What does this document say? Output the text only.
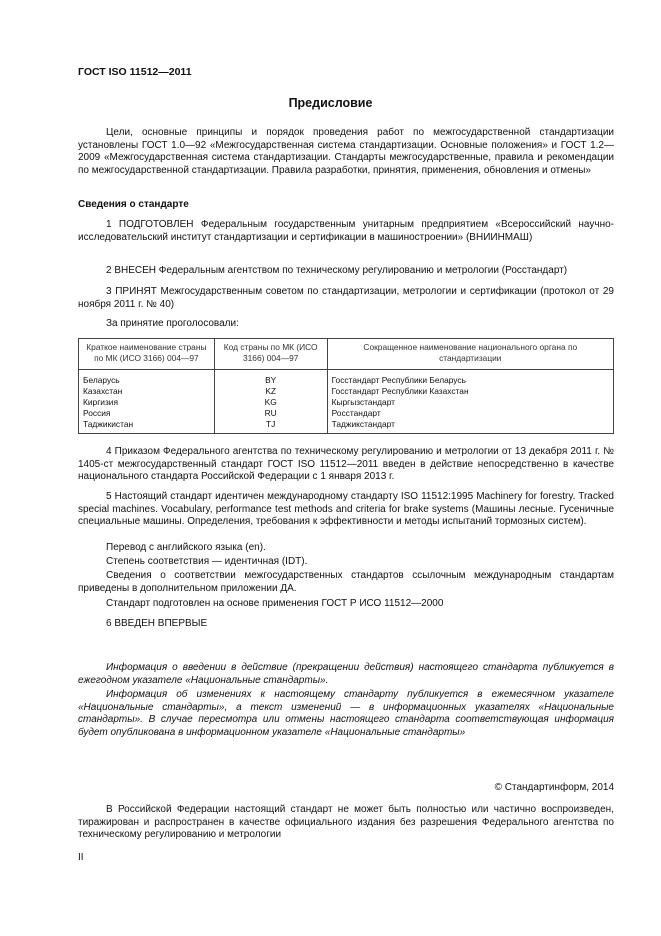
ГОСТ ISO 11512—2011
Предисловие
Цели, основные принципы и порядок проведения работ по межгосударственной стандартизации установлены ГОСТ 1.0—92 «Межгосударственная система стандартизации. Основные положения» и ГОСТ 1.2—2009 «Межгосударственная система стандартизации. Стандарты межгосударственные, правила и рекомендации по межгосударственной стандартизации. Правила разработки, принятия, применения, обновления и отмены»
Сведения о стандарте
1 ПОДГОТОВЛЕН Федеральным государственным унитарным предприятием «Всероссийский научно-исследовательский институт стандартизации и сертификации в машиностроении» (ВНИИНМАШ)
2 ВНЕСЕН Федеральным агентством по техническому регулированию и метрологии (Росстандарт)
3 ПРИНЯТ Межгосударственным советом по стандартизации, метрологии и сертификации (протокол от 29 ноября 2011 г. № 40)
За принятие проголосовали:
Краткое наименование страны по МК (ИСО 3166) 004—97	Код страны по МК (ИСО 3166) 004—97	Сокращенное наименование национального органа по стандартизации
Беларусь	BY	Госстандарт Республики Беларусь
Казахстан	KZ	Госстандарт Республики Казахстан
Киргизия	KG	Кыргызстандарт
Россия	RU	Росстандарт
Таджикистан	TJ	Таджикстандарт
4 Приказом Федерального агентства по техническому регулированию и метрологии от 13 декабря 2011 г. № 1405-ст межгосударственный стандарт ГОСТ ISO 11512—2011 введен в действие непосредственно в качестве национального стандарта Российской Федерации с 1 января 2013 г.
5 Настоящий стандарт идентичен международному стандарту ISO 11512:1995 Machinery for forestry. Tracked special machines. Vocabulary, performance test methods and criteria for brake systems (Машины лесные. Гусеничные специальные машины. Определения, требования к эффективности и методы испытаний тормозных систем).
Перевод с английского языка (en).
Степень соответствия — идентичная (IDT).
Сведения о соответствии межгосударственных стандартов ссылочным международным стандартам приведены в дополнительном приложении ДА.
Стандарт подготовлен на основе применения ГОСТ Р ИСО 11512—2000
6 ВВЕДЕН ВПЕРВЫЕ
Информация о введении в действие (прекращении действия) настоящего стандарта публикуется в ежегодном указателе «Национальные стандарты».
Информация об изменениях к настоящему стандарту публикуется в ежемесячном указателе «Национальные стандарты», а текст изменений — в информационных указателях «Национальные стандарты». В случае пересмотра или отмены настоящего стандарта соответствующая информация будет опубликована в информационном указателе «Национальные стандарты»
© Стандартинформ, 2014
В Российской Федерации настоящий стандарт не может быть полностью или частично воспроизведен, тиражирован и распространен в качестве официального издания без разрешения Федерального агентства по техническому регулированию и метрологии
II
